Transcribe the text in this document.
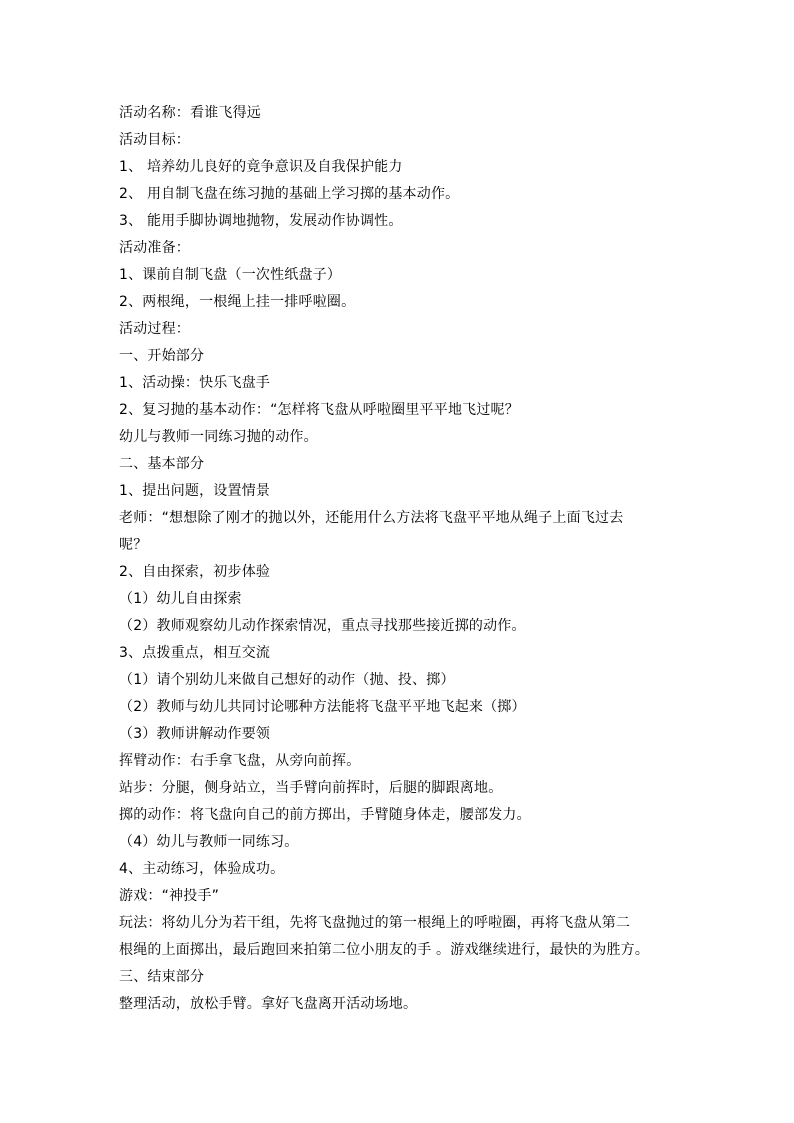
活动名称：看谁飞得远
活动目标：
1、 培养幼儿良好的竟争意识及自我保护能力
2、 用自制飞盘在练习抛的基础上学习掷的基本动作。
3、 能用手脚协调地抛物，发展动作协调性。
活动准备：
1、课前自制飞盘（一次性纸盘子）
2、两根绳，一根绳上挂一排呼啦圈。
活动过程：
一、开始部分
1、活动操：快乐飞盘手
2、复习抛的基本动作：“怎样将飞盘从呼啦圈里平平地飞过呢？
幼儿与教师一同练习抛的动作。
二、基本部分
1、提出问题，设置情景
老师：“想想除了刚才的抛以外，还能用什么方法将飞盘平平地从绳子上面飞过去
呢？
2、自由探索，初步体验
（1）幼儿自由探索
（2）教师观察幼儿动作探索情况，重点寻找那些接近掷的动作。
3、点拨重点，相互交流
（1）请个别幼儿来做自己想好的动作（抛、投、掷）
（2）教师与幼儿共同讨论哪种方法能将飞盘平平地飞起来（掷）
（3）教师讲解动作要领
挥臂动作：右手拿飞盘，从旁向前挥。
站步：分腿，侧身站立，当手臂向前挥时，后腿的脚跟离地。
掷的动作：将飞盘向自己的前方掷出，手臂随身体走，腰部发力。
（4）幼儿与教师一同练习。
4、主动练习，体验成功。
游戏：“神投手”
玩法：将幼儿分为若干组，先将飞盘抛过的第一根绳上的呼啦圈，再将飞盘从第二
根绳的上面掷出，最后跑回来拍第二位小朋友的手 。游戏继续进行，最快的为胜方。
三、结束部分
整理活动，放松手臂。拿好飞盘离开活动场地。
